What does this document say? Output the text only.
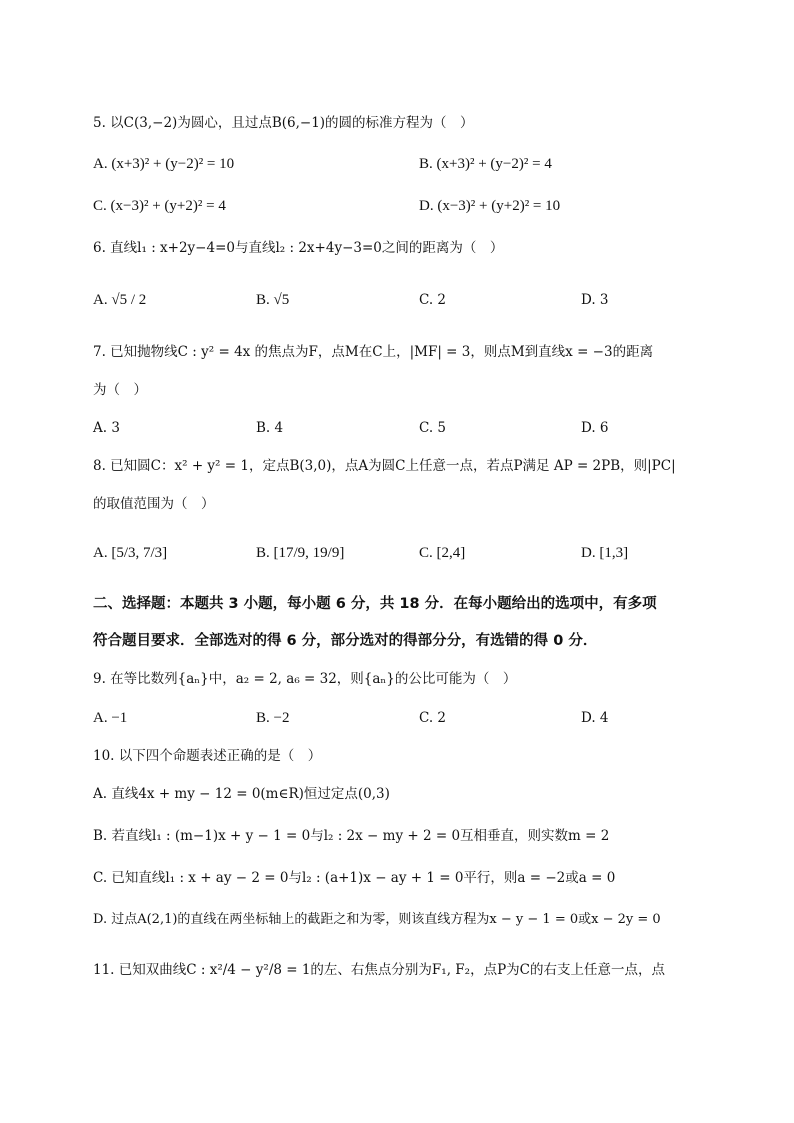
5. 以C(3,−2)为圆心，且过点B(6,−1)的圆的标准方程为（　）
A. (x+3)² + (y−2)² = 10	B. (x+3)² + (y−2)² = 4
C. (x−3)² + (y+2)² = 4	D. (x−3)² + (y+2)² = 10
6. 直线l₁ : x+2y−4=0与直线l₂ : 2x+4y−3=0之间的距离为（　）
A. √5 / 2	B. √5	C. 2	D. 3
7. 已知抛物线C : y² = 4x 的焦点为F，点M在C上，|MF| = 3，则点M到直线x = −3的距离
为（　）
A. 3	B. 4	C. 5	D. 6
8. 已知圆C：x² + y² = 1，定点B(3,0)，点A为圆C上任意一点，若点P满足 AP = 2PB，则|PC|
的取值范围为（　）
A. [5/3, 7/3]	B. [17/9, 19/9]	C. [2,4]	D. [1,3]
二、选择题：本题共 3 小题，每小题 6 分，共 18 分．在每小题给出的选项中，有多项
符合题目要求．全部选对的得 6 分，部分选对的得部分分，有选错的得 0 分．
9. 在等比数列{aₙ}中，a₂ = 2, a₆ = 32，则{aₙ}的公比可能为（　）
A. −1	B. −2	C. 2	D. 4
10. 以下四个命题表述正确的是（　）
A. 直线4x + my − 12 = 0(m∈R)恒过定点(0,3)
B. 若直线l₁ : (m−1)x + y − 1 = 0与l₂ : 2x − my + 2 = 0互相垂直，则实数m = 2
C. 已知直线l₁ : x + ay − 2 = 0与l₂ : (a+1)x − ay + 1 = 0平行，则a = −2或a = 0
D. 过点A(2,1)的直线在两坐标轴上的截距之和为零，则该直线方程为x − y − 1 = 0或x − 2y = 0
11. 已知双曲线C : x²/4 − y²/8 = 1的左、右焦点分别为F₁, F₂，点P为C的右支上任意一点，点
